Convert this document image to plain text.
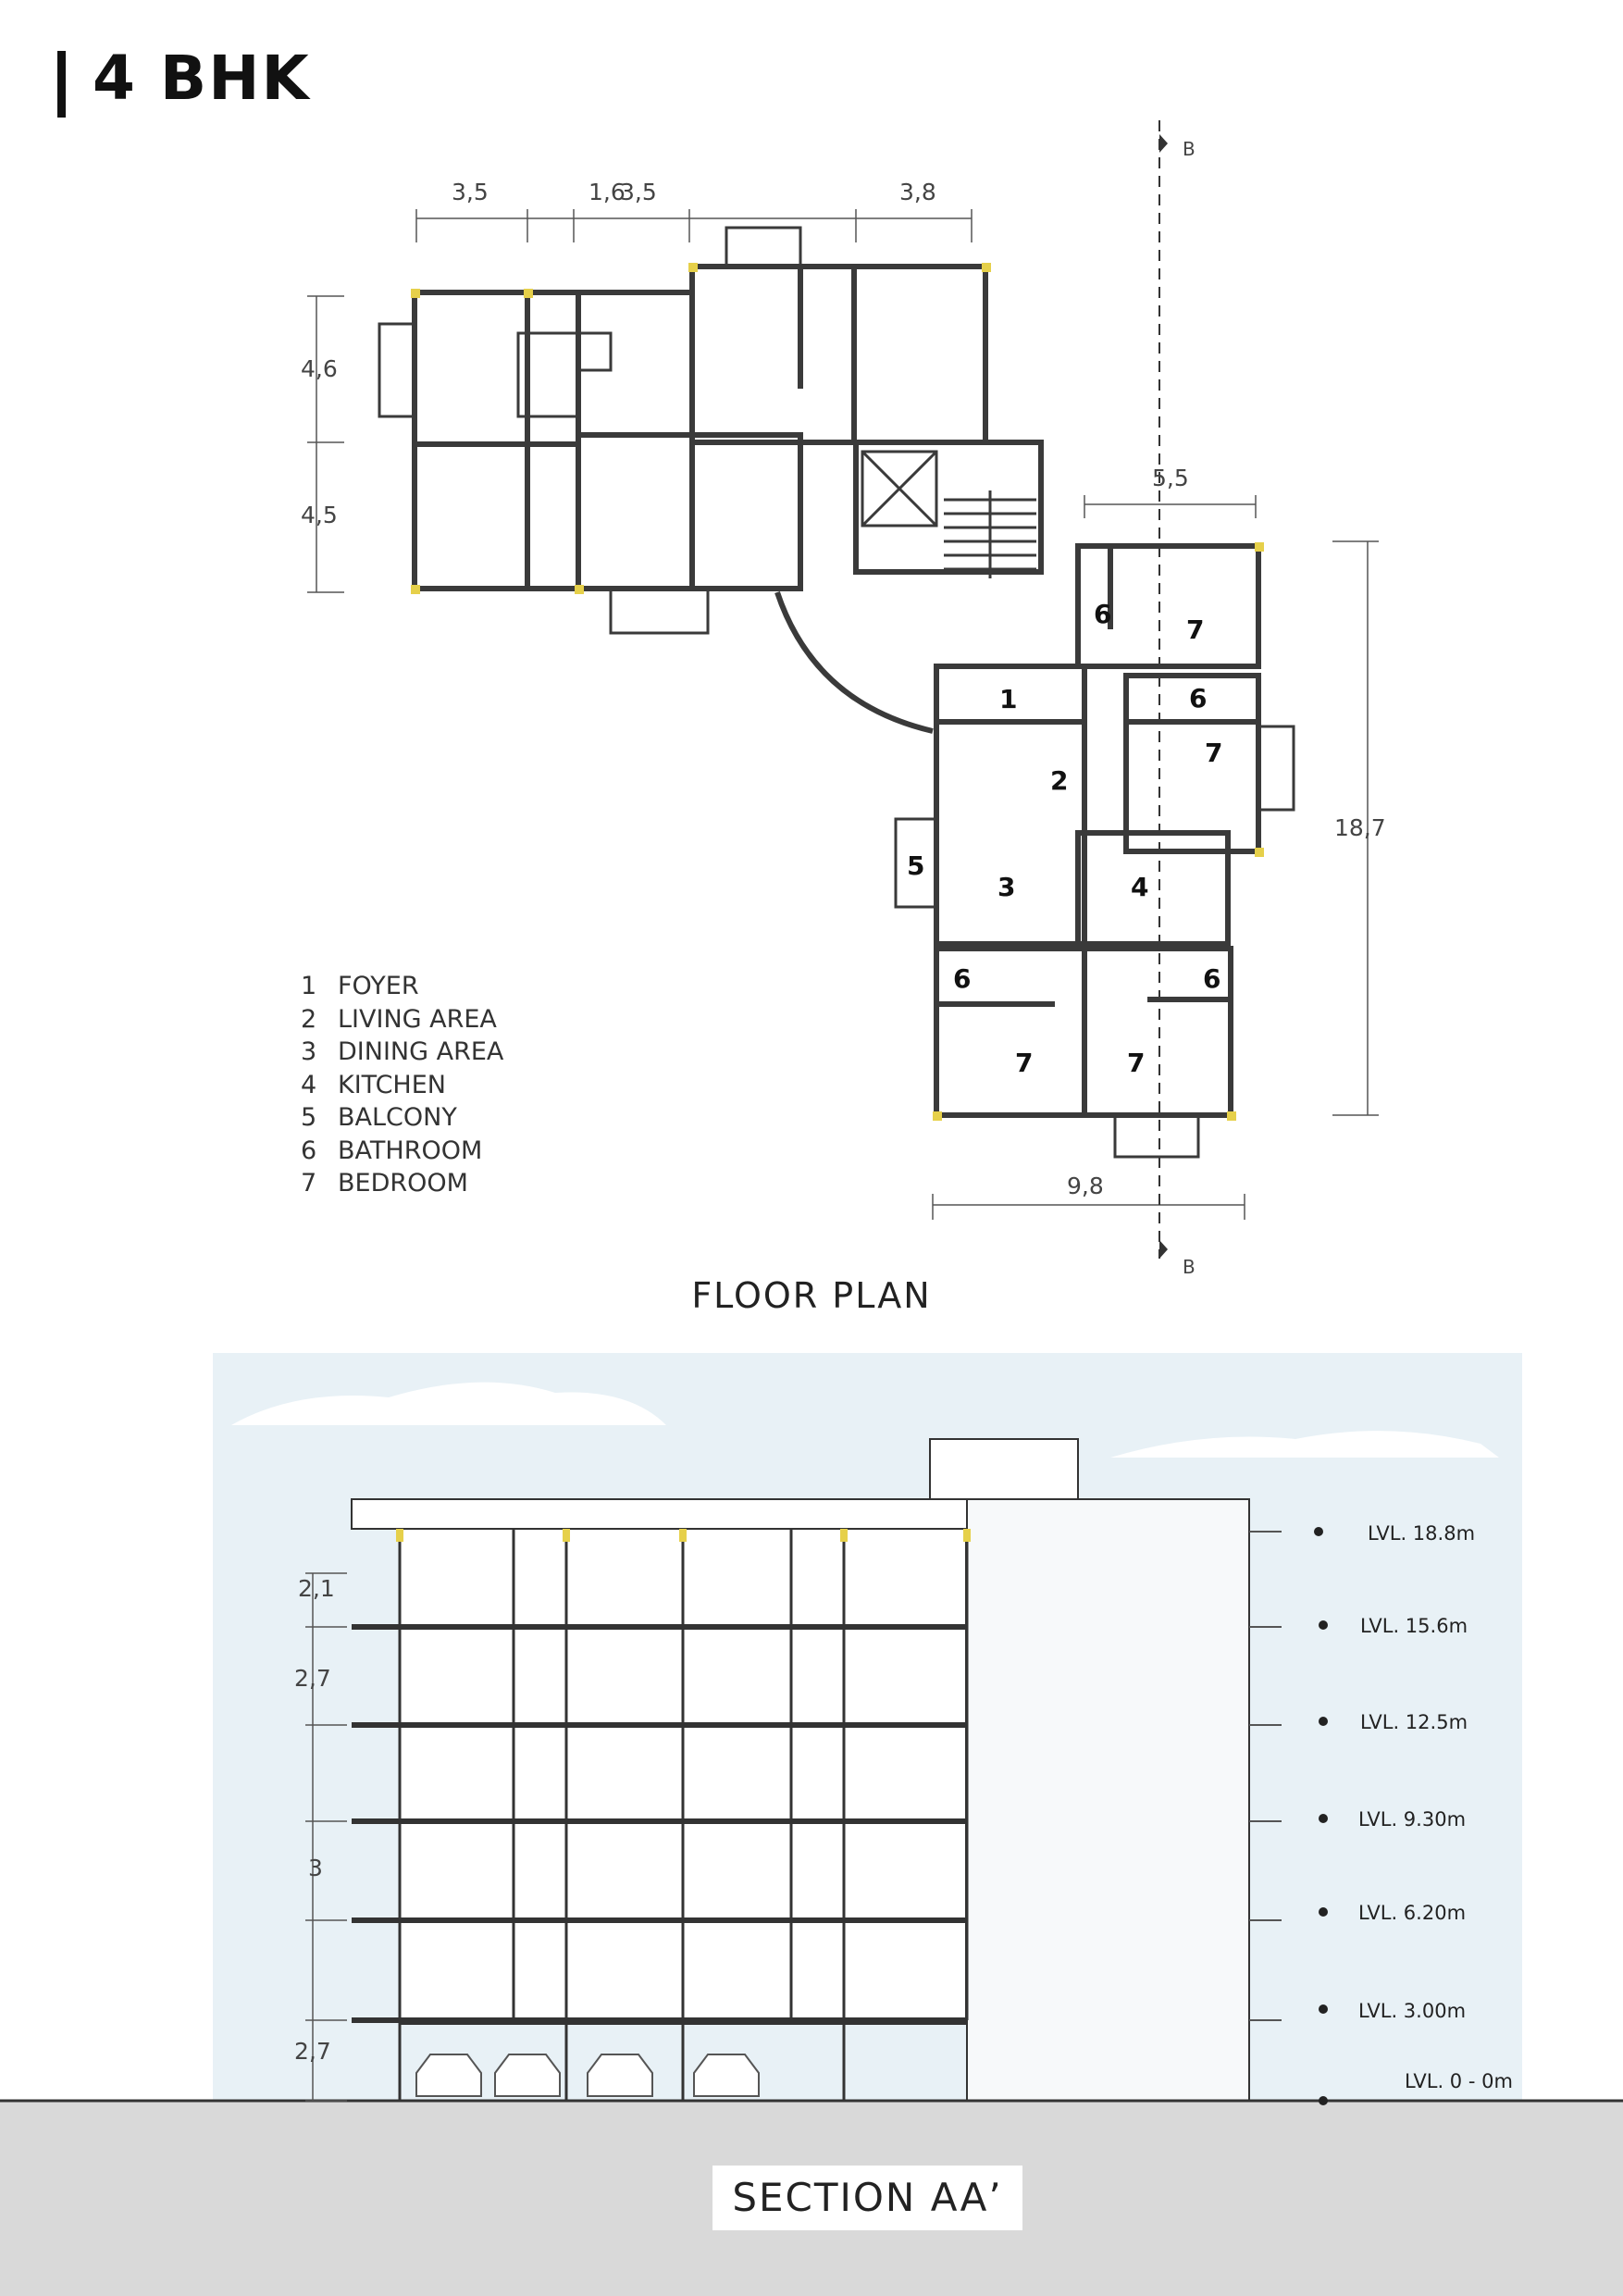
4 BHK
3,5	1,6
3,5	3,8
4,6
4,5
5,5
18,7
9,8
B
B
1
2
3	4
5
6
6
6	6
7
7
7	7
2,1
2,7
3
2,7
LVL. 18.8m
LVL. 15.6m
LVL. 12.5m
LVL. 9.30m
LVL. 6.20m
LVL. 3.00m
LVL. 0 - 0m
1 FOYER
2 LIVING AREA
3 DINING AREA
4 KITCHEN
5 BALCONY
6 BATHROOM
7 BEDROOM
FLOOR PLAN
SECTION AA’
